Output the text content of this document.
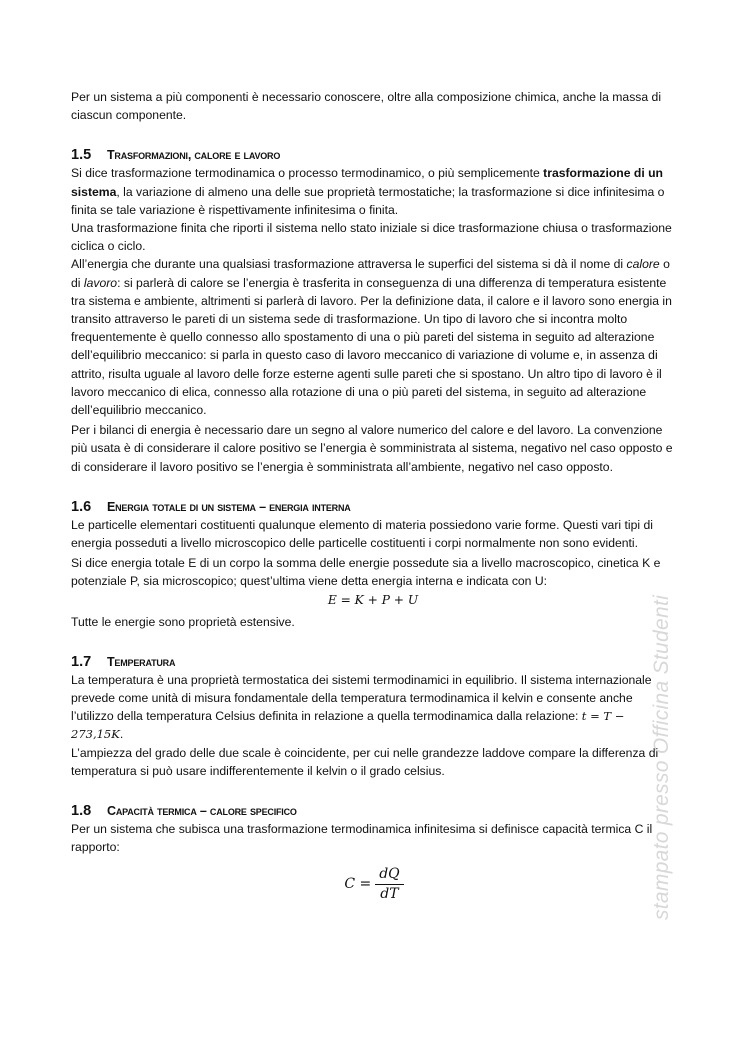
Per un sistema a più componenti è necessario conoscere, oltre alla composizione chimica, anche la massa di ciascun componente.

1.5	Trasformazioni, calore e lavoro

Si dice trasformazione termodinamica o processo termodinamico, o più semplicemente trasformazione di un sistema, la variazione di almeno una delle sue proprietà termostatiche; la trasformazione si dice infinitesima o finita se tale variazione è rispettivamente infinitesima o finita.

Una trasformazione finita che riporti il sistema nello stato iniziale si dice trasformazione chiusa o trasformazione ciclica o ciclo.

All’energia che durante una qualsiasi trasformazione attraversa le superfici del sistema si dà il nome di calore o di lavoro: si parlerà di calore se l’energia è trasferita in conseguenza di una differenza di temperatura esistente tra sistema e ambiente, altrimenti si parlerà di lavoro. Per la definizione data, il calore e il lavoro sono energia in transito attraverso le pareti di un sistema sede di trasformazione. Un tipo di lavoro che si incontra molto frequentemente è quello connesso allo spostamento di una o più pareti del sistema in seguito ad alterazione dell’equilibrio meccanico: si parla in questo caso di lavoro meccanico di variazione di volume e, in assenza di attrito, risulta uguale al lavoro delle forze esterne agenti sulle pareti che si spostano. Un altro tipo di lavoro è il lavoro meccanico di elica, connesso alla rotazione di una o più pareti del sistema, in seguito ad alterazione dell’equilibrio meccanico.

Per i bilanci di energia è necessario dare un segno al valore numerico del calore e del lavoro. La convenzione più usata è di considerare il calore positivo se l’energia è somministrata al sistema, negativo nel caso opposto e di considerare il lavoro positivo se l’energia è somministrata all’ambiente, negativo nel caso opposto.

1.6	Energia totale di un sistema – energia interna

Le particelle elementari costituenti qualunque elemento di materia possiedono varie forme. Questi vari tipi di energia posseduti a livello microscopico delle particelle costituenti i corpi normalmente non sono evidenti.

Si dice energia totale E di un corpo la somma delle energie possedute sia a livello macroscopico, cinetica K e potenziale P, sia microscopico; quest’ultima viene detta energia interna e indicata con U:

E = K + P + U

Tutte le energie sono proprietà estensive.

1.7	Temperatura

La temperatura è una proprietà termostatica dei sistemi termodinamici in equilibrio. Il sistema internazionale prevede come unità di misura fondamentale della temperatura termodinamica il kelvin e consente anche l’utilizzo della temperatura Celsius definita in relazione a quella termodinamica dalla relazione: t = T − 273,15K.

L’ampiezza del grado delle due scale è coincidente, per cui nelle grandezze laddove compare la differenza di temperatura si può usare indifferentemente il kelvin o il grado celsius.

1.8	Capacità termica – calore specifico

Per un sistema che subisca una trasformazione termodinamica infinitesima si definisce capacità termica C il rapporto:

C =
dQ
dT	stampato presso Officina Studenti
